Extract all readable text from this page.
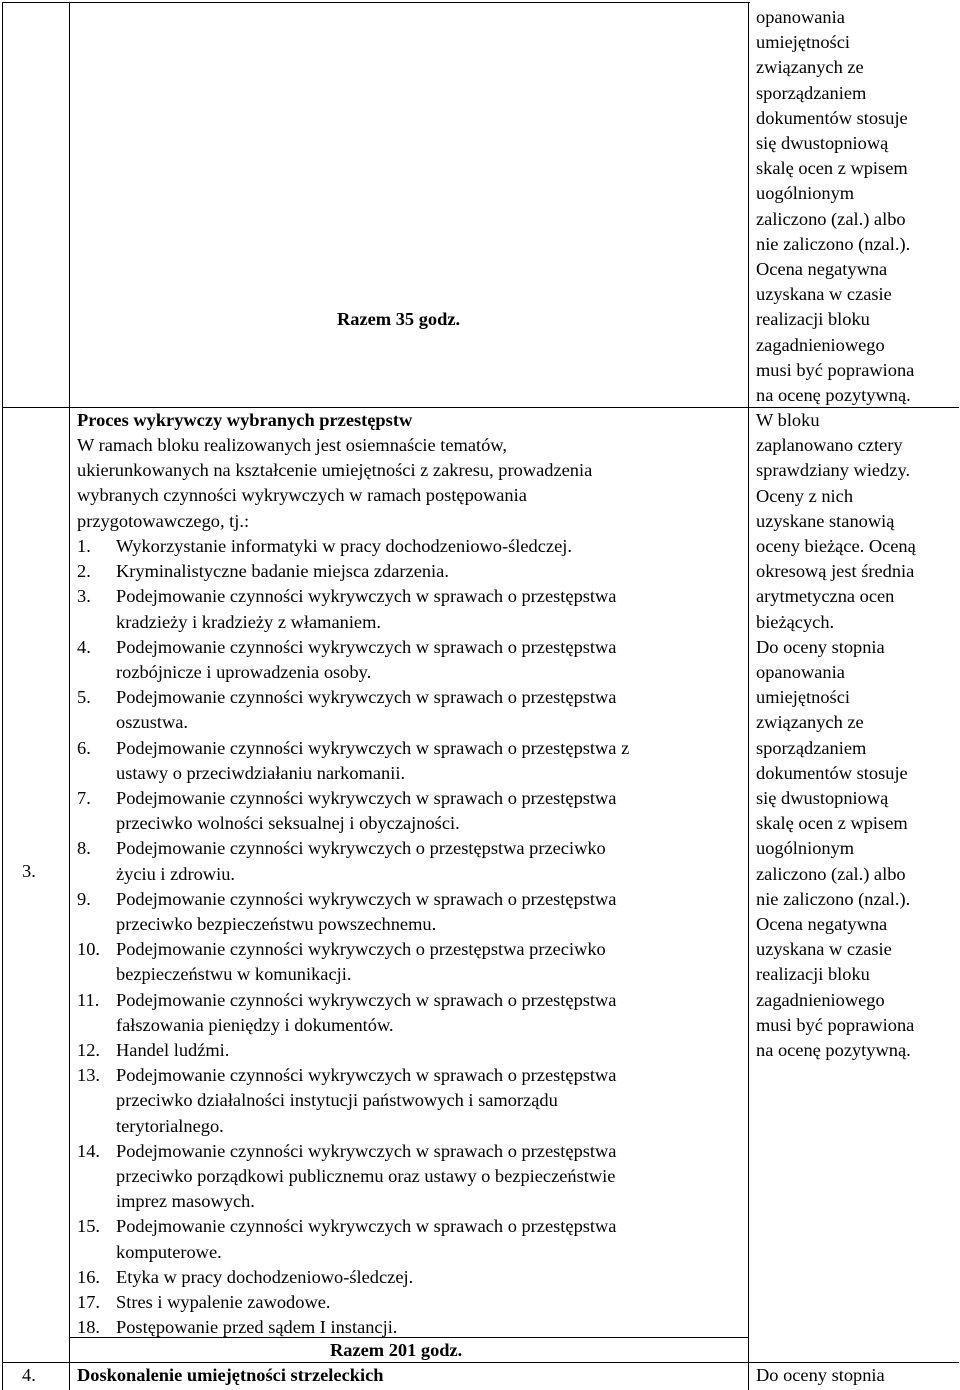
Razem 35 godz.
opanowania
umiejętności
związanych ze
sporządzaniem
dokumentów stosuje
się dwustopniową
skalę ocen z wpisem
uogólnionym
zaliczono (zal.) albo
nie zaliczono (nzal.).
Ocena negatywna
uzyskana w czasie
realizacji bloku
zagadnieniowego
musi być poprawiona
na ocenę pozytywną.
3.
Proces wykrywczy wybranych przestępstw
W ramach bloku realizowanych jest osiemnaście tematów,
ukierunkowanych na kształcenie umiejętności z zakresu, prowadzenia
wybranych czynności wykrywczych w ramach postępowania
przygotowawczego, tj.:
1. Wykorzystanie informatyki w pracy dochodzeniowo-śledczej.
2. Kryminalistyczne badanie miejsca zdarzenia.
3. Podejmowanie czynności wykrywczych w sprawach o przestępstwa
kradzieży i kradzieży z włamaniem.
4. Podejmowanie czynności wykrywczych w sprawach o przestępstwa
rozbójnicze i uprowadzenia osoby.
5. Podejmowanie czynności wykrywczych w sprawach o przestępstwa
oszustwa.
6. Podejmowanie czynności wykrywczych w sprawach o przestępstwa z
ustawy o przeciwdziałaniu narkomanii.
7. Podejmowanie czynności wykrywczych w sprawach o przestępstwa
przeciwko wolności seksualnej i obyczajności.
8. Podejmowanie czynności wykrywczych o przestępstwa przeciwko
życiu i zdrowiu.
9. Podejmowanie czynności wykrywczych w sprawach o przestępstwa
przeciwko bezpieczeństwu powszechnemu.
10. Podejmowanie czynności wykrywczych o przestępstwa przeciwko
bezpieczeństwu w komunikacji.
11. Podejmowanie czynności wykrywczych w sprawach o przestępstwa
fałszowania pieniędzy i dokumentów.
12. Handel ludźmi.
13. Podejmowanie czynności wykrywczych w sprawach o przestępstwa
przeciwko działalności instytucji państwowych i samorządu
terytorialnego.
14. Podejmowanie czynności wykrywczych w sprawach o przestępstwa
przeciwko porządkowi publicznemu oraz ustawy o bezpieczeństwie
imprez masowych.
15. Podejmowanie czynności wykrywczych w sprawach o przestępstwa
komputerowe.
16. Etyka w pracy dochodzeniowo-śledczej.
17. Stres i wypalenie zawodowe.
18. Postępowanie przed sądem I instancji.
Razem 201 godz.
W bloku
zaplanowano cztery
sprawdziany wiedzy.
Oceny z nich
uzyskane stanowią
oceny bieżące. Oceną
okresową jest średnia
arytmetyczna ocen
bieżących.
Do oceny stopnia
opanowania
umiejętności
związanych ze
sporządzaniem
dokumentów stosuje
się dwustopniową
skalę ocen z wpisem
uogólnionym
zaliczono (zal.) albo
nie zaliczono (nzal.).
Ocena negatywna
uzyskana w czasie
realizacji bloku
zagadnieniowego
musi być poprawiona
na ocenę pozytywną.
4. Doskonalenie umiejętności strzeleckich	Do oceny stopnia
